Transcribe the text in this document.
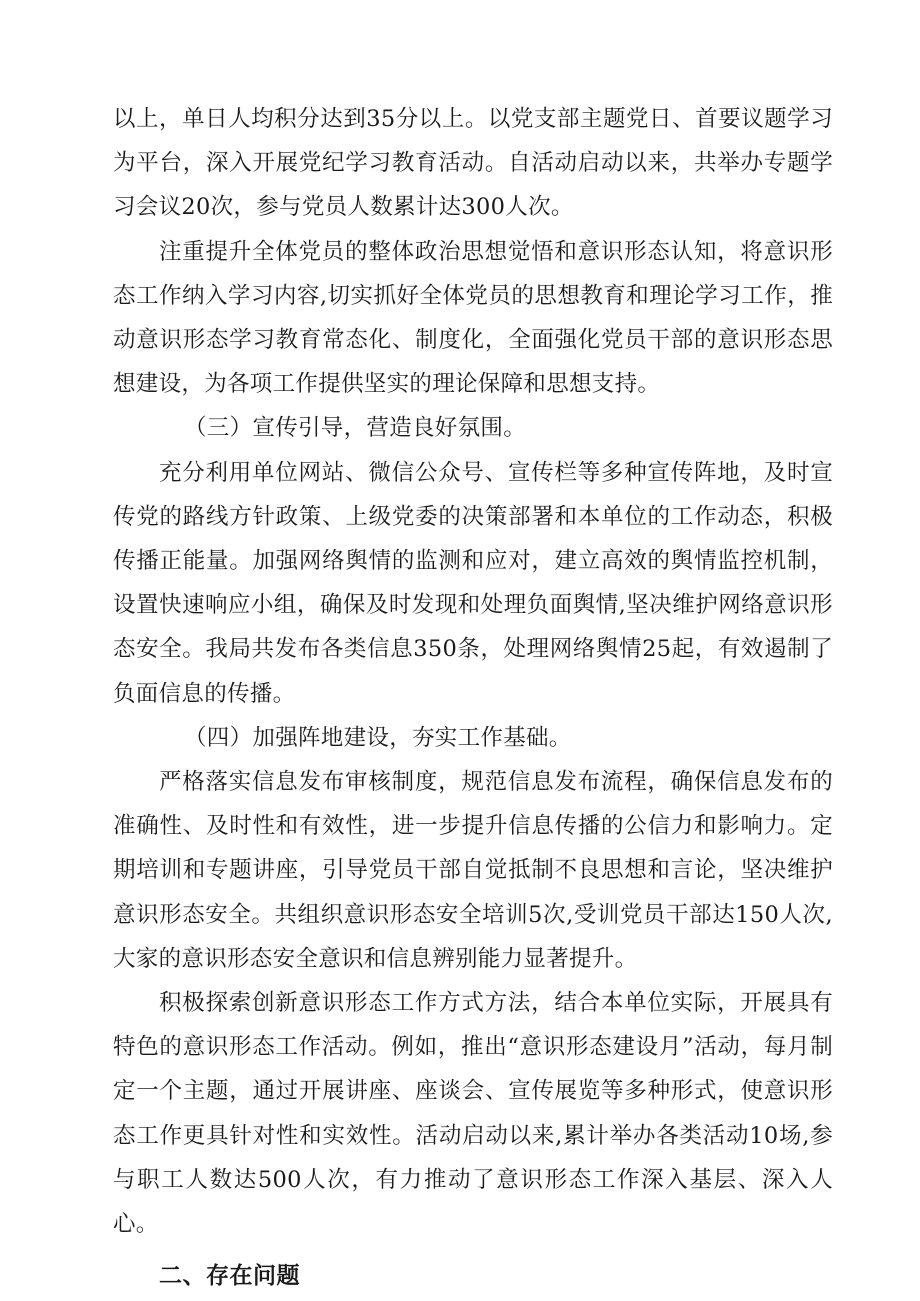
以上，单日人均积分达到35分以上。以党支部主题党日、首要议题学习为平台，深入开展党纪学习教育活动。自活动启动以来，共举办专题学习会议20次，参与党员人数累计达300人次。

注重提升全体党员的整体政治思想觉悟和意识形态认知，将意识形态工作纳入学习内容,切实抓好全体党员的思想教育和理论学习工作，推动意识形态学习教育常态化、制度化，全面强化党员干部的意识形态思想建设，为各项工作提供坚实的理论保障和思想支持。

（三）宣传引导，营造良好氛围。

充分利用单位网站、微信公众号、宣传栏等多种宣传阵地，及时宣传党的路线方针政策、上级党委的决策部署和本单位的工作动态，积极传播正能量。加强网络舆情的监测和应对，建立高效的舆情监控机制，设置快速响应小组，确保及时发现和处理负面舆情,坚决维护网络意识形态安全。我局共发布各类信息350条，处理网络舆情25起，有效遏制了负面信息的传播。

（四）加强阵地建设，夯实工作基础。

严格落实信息发布审核制度，规范信息发布流程，确保信息发布的准确性、及时性和有效性，进一步提升信息传播的公信力和影响力。定期培训和专题讲座，引导党员干部自觉抵制不良思想和言论，坚决维护意识形态安全。共组织意识形态安全培训5次,受训党员干部达150人次,大家的意识形态安全意识和信息辨别能力显著提升。

积极探索创新意识形态工作方式方法，结合本单位实际，开展具有特色的意识形态工作活动。例如，推出“意识形态建设月”活动，每月制定一个主题，通过开展讲座、座谈会、宣传展览等多种形式，使意识形态工作更具针对性和实效性。活动启动以来,累计举办各类活动10场,参与职工人数达500人次，有力推动了意识形态工作深入基层、深入人心。

二、存在问题
